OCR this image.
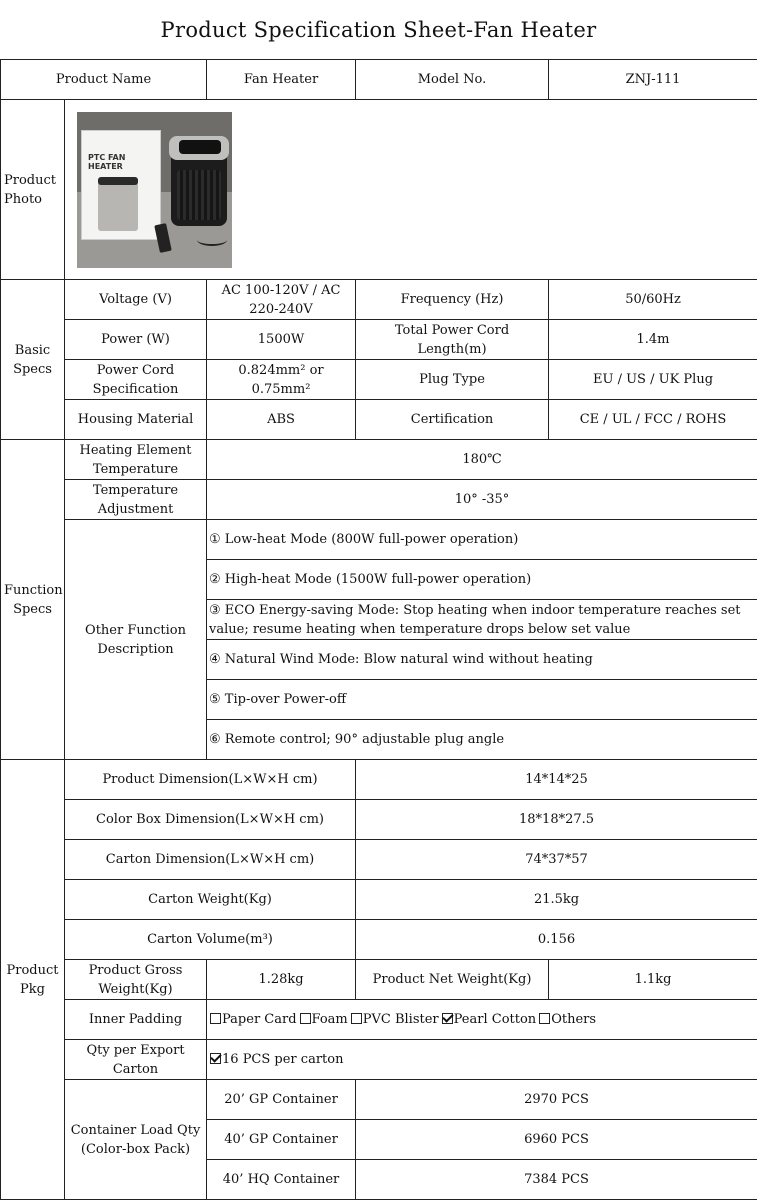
Product Specification Sheet-Fan Heater
Product Name		Fan Heater	Model No.	ZNJ-111
Product Photo	PTC FAN HEATER			

Basic Specs	Voltage (V)	AC 100-120V / AC 220-240V	Frequency (Hz)	50/60Hz
	Power (W)	1500W	Total Power Cord Length(m)	1.4m
	Power Cord Specification	0.824mm² or 0.75mm²	Plug Type	EU / US / UK Plug
	Housing Material	ABS	Certification	CE / UL / FCC / ROHS
Function Specs	Heating Element Temperature	180℃		
	Temperature Adjustment	10° -35°		
	Other Function Description	① Low-heat Mode (800W full-power operation)		
		② High-heat Mode (1500W full-power operation)		
		③ ECO Energy-saving Mode: Stop heating when indoor temperature reaches set value; resume heating when temperature drops below set value		
		④ Natural Wind Mode: Blow natural wind without heating		
		⑤ Tip-over Power-off		
		⑥ Remote control; 90° adjustable plug angle		
Product Pkg	Product Dimension(L×W×H cm)		14*14*25	
	Color Box Dimension(L×W×H cm)		18*18*27.5	
	Carton Dimension(L×W×H cm)		74*37*57	
	Carton Weight(Kg)		21.5kg	
	Carton Volume(m³)		0.156	
	Product Gross Weight(Kg)	1.28kg	Product Net Weight(Kg)	1.1kg
	Inner Padding	Paper Card Foam PVC Blister Pearl Cotton Others		
	Qty per Export Carton	16 PCS per carton		
	Container Load Qty (Color-box Pack)	20’ GP Container	2970 PCS	
		40’ GP Container	6960 PCS	
		40’ HQ Container	7384 PCS	
